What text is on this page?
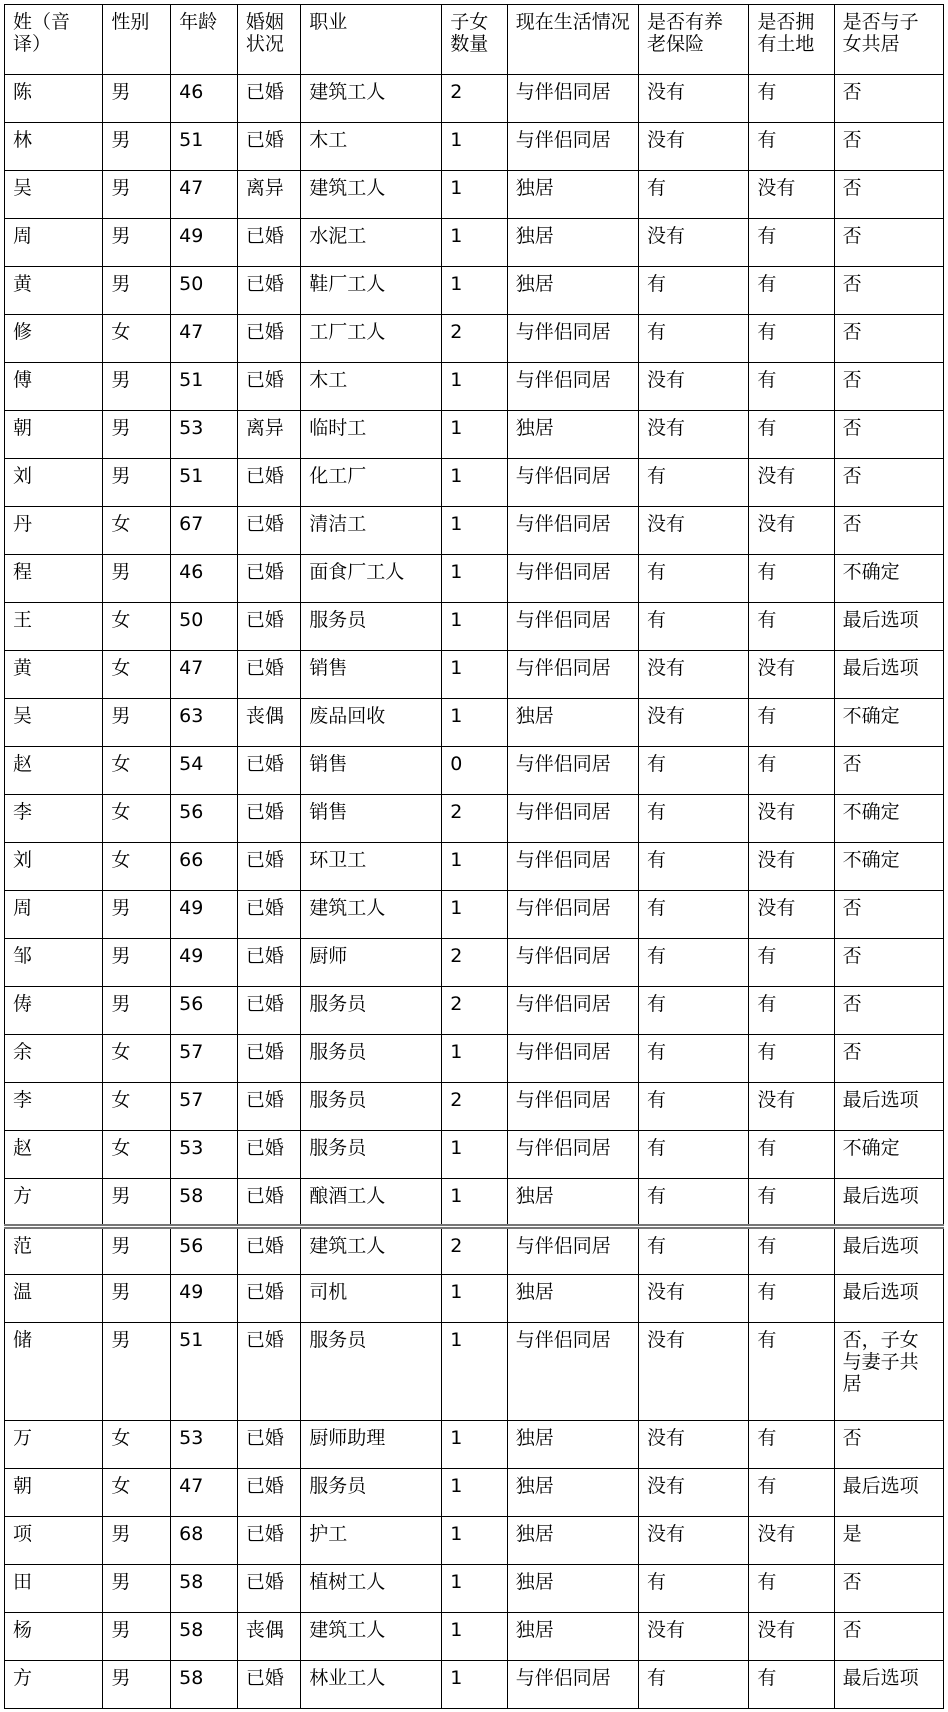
姓（音译）	性别	年龄	婚姻状况	职业	子女数量	现在生活情况	是否有养老保险	是否拥有土地	是否与子女共居
陈	男	46	已婚	建筑工人	2	与伴侣同居	没有	有	否
林	男	51	已婚	木工	1	与伴侣同居	没有	有	否
吴	男	47	离异	建筑工人	1	独居	有	没有	否
周	男	49	已婚	水泥工	1	独居	没有	有	否
黄	男	50	已婚	鞋厂工人	1	独居	有	有	否
修	女	47	已婚	工厂工人	2	与伴侣同居	有	有	否
傅	男	51	已婚	木工	1	与伴侣同居	没有	有	否
朝	男	53	离异	临时工	1	独居	没有	有	否
刘	男	51	已婚	化工厂	1	与伴侣同居	有	没有	否
丹	女	67	已婚	清洁工	1	与伴侣同居	没有	没有	否
程	男	46	已婚	面食厂工人	1	与伴侣同居	有	有	不确定
王	女	50	已婚	服务员	1	与伴侣同居	有	有	最后选项
黄	女	47	已婚	销售	1	与伴侣同居	没有	没有	最后选项
吴	男	63	丧偶	废品回收	1	独居	没有	有	不确定
赵	女	54	已婚	销售	0	与伴侣同居	有	有	否
李	女	56	已婚	销售	2	与伴侣同居	有	没有	不确定
刘	女	66	已婚	环卫工	1	与伴侣同居	有	没有	不确定
周	男	49	已婚	建筑工人	1	与伴侣同居	有	没有	否
邹	男	49	已婚	厨师	2	与伴侣同居	有	有	否
俦	男	56	已婚	服务员	2	与伴侣同居	有	有	否
余	女	57	已婚	服务员	1	与伴侣同居	有	有	否
李	女	57	已婚	服务员	2	与伴侣同居	有	没有	最后选项
赵	女	53	已婚	服务员	1	与伴侣同居	有	有	不确定
方	男	58	已婚	酿酒工人	1	独居	有	有	最后选项
范	男	56	已婚	建筑工人	2	与伴侣同居	有	有	最后选项
温	男	49	已婚	司机	1	独居	没有	有	最后选项
储	男	51	已婚	服务员	1	与伴侣同居	没有	有	否，子女与妻子共居
万	女	53	已婚	厨师助理	1	独居	没有	有	否
朝	女	47	已婚	服务员	1	独居	没有	有	最后选项
项	男	68	已婚	护工	1	独居	没有	没有	是
田	男	58	已婚	植树工人	1	独居	有	有	否
杨	男	58	丧偶	建筑工人	1	独居	没有	没有	否
方	男	58	已婚	林业工人	1	与伴侣同居	有	有	最后选项
